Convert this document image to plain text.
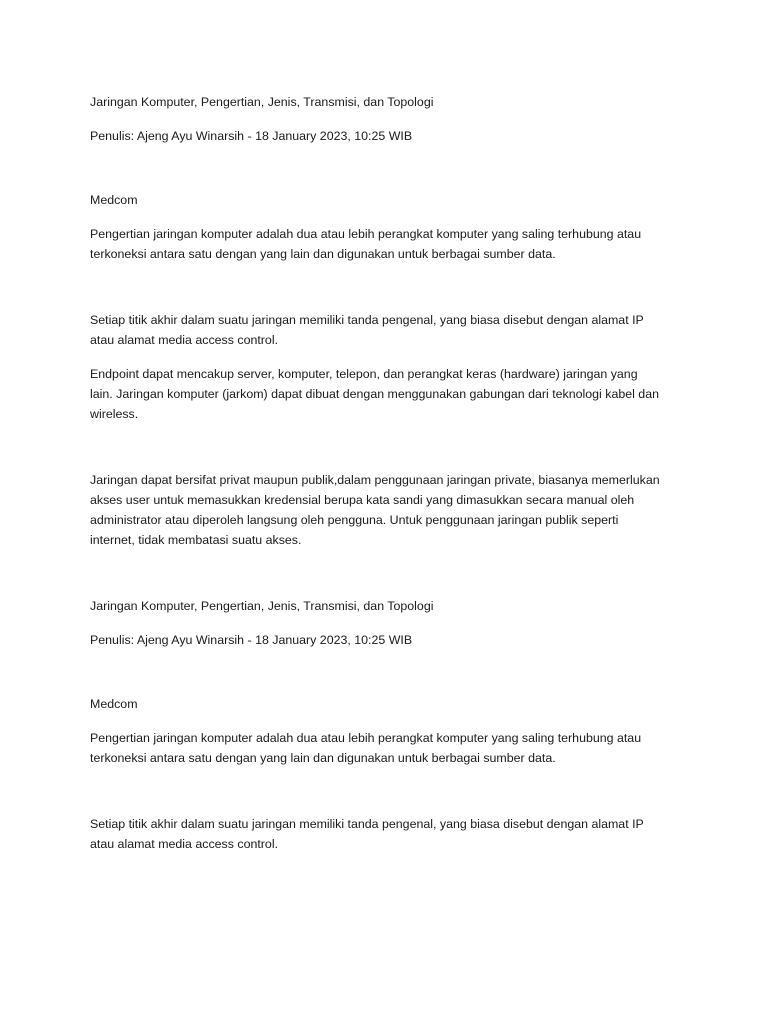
Jaringan Komputer, Pengertian, Jenis, Transmisi, dan Topologi

Penulis: Ajeng Ayu Winarsih - 18 January 2023, 10:25 WIB

Medcom

Pengertian jaringan komputer adalah dua atau lebih perangkat komputer yang saling terhubung atau
terkoneksi antara satu dengan yang lain dan digunakan untuk berbagai sumber data.

Setiap titik akhir dalam suatu jaringan memiliki tanda pengenal, yang biasa disebut dengan alamat IP
atau alamat media access control.

Endpoint dapat mencakup server, komputer, telepon, dan perangkat keras (hardware) jaringan yang
lain. Jaringan komputer (jarkom) dapat dibuat dengan menggunakan gabungan dari teknologi kabel dan
wireless.

Jaringan dapat bersifat privat maupun publik,dalam penggunaan jaringan private, biasanya memerlukan
akses user untuk memasukkan kredensial berupa kata sandi yang dimasukkan secara manual oleh
administrator atau diperoleh langsung oleh pengguna. Untuk penggunaan jaringan publik seperti
internet, tidak membatasi suatu akses.

Jaringan Komputer, Pengertian, Jenis, Transmisi, dan Topologi

Penulis: Ajeng Ayu Winarsih - 18 January 2023, 10:25 WIB

Medcom

Pengertian jaringan komputer adalah dua atau lebih perangkat komputer yang saling terhubung atau
terkoneksi antara satu dengan yang lain dan digunakan untuk berbagai sumber data.

Setiap titik akhir dalam suatu jaringan memiliki tanda pengenal, yang biasa disebut dengan alamat IP
atau alamat media access control.
